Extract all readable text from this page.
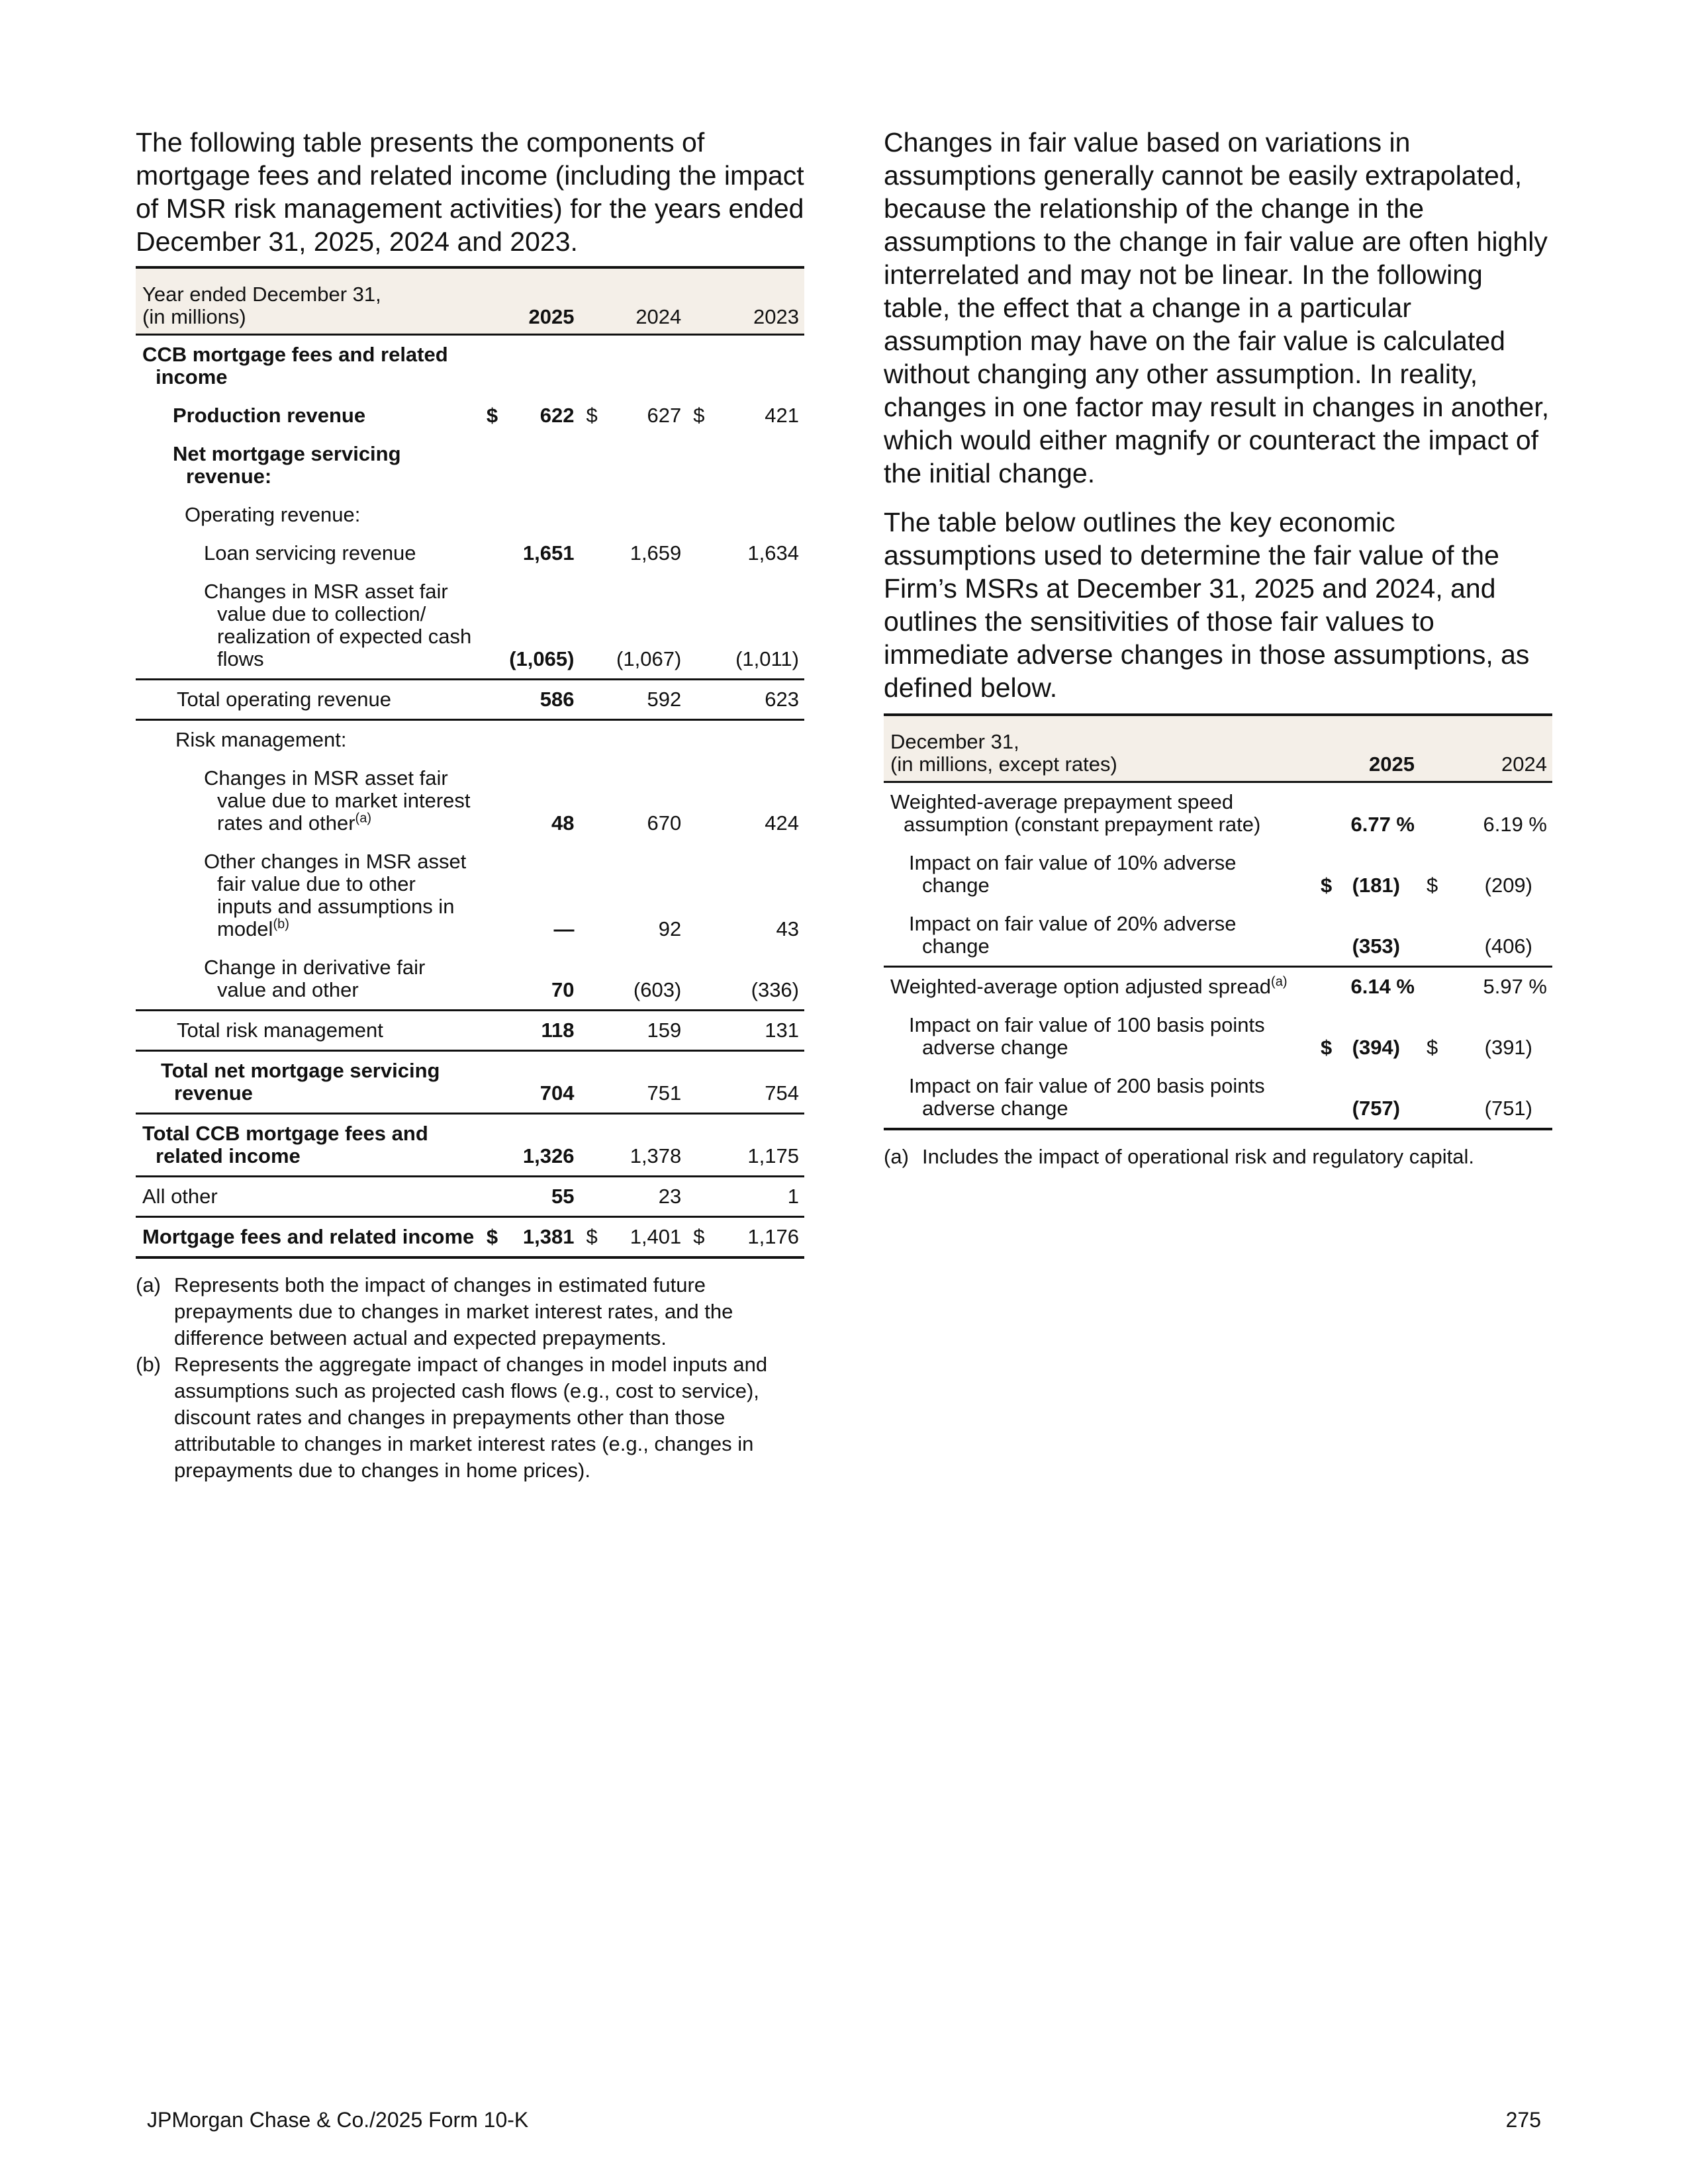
The following table presents the components of mortgage fees and related income (including the impact of MSR risk management activities) for the years ended December 31, 2025, 2024 and 2023.

Year ended December 31,
(in millions)	2025		2024		2023	

CCB mortgage fees and related income						

Production revenue	$	622	$	627	$	421

Net mortgage servicing revenue:						

Operating revenue:						
Loan servicing revenue		1,651		1,659		1,634

Changes in MSR asset fair value due to collection/ realization of expected cash flows		(1,065)		(1,067)		(1,011)
Total operating revenue		586		592		623
Risk management:						

Changes in MSR asset fair value due to market interest rates and other$^{(a)}$		48		670		424

Other changes in MSR asset fair value due to other inputs and assumptions in model$^{(b)}$		—		92		43

Change in derivative fair value and other		70		(603)		(336)
Total risk management		118		159		131

Total net mortgage servicing revenue		704		751		754

Total CCB mortgage fees and related income		1,326		1,378		1,175
All other		55		23		1
Mortgage fees and related income	$	1,381	$	1,401	$	1,176
(a) Represents both the impact of changes in estimated future prepayments due to changes in market interest rates, and the difference between actual and expected prepayments.
(b) Represents the aggregate impact of changes in model inputs and assumptions such as projected cash flows (e.g., cost to service), discount rates and changes in prepayments other than those attributable to changes in market interest rates (e.g., changes in prepayments due to changes in home prices).

Changes in fair value based on variations in assumptions generally cannot be easily extrapolated, because the relationship of the change in the assumptions to the change in fair value are often highly interrelated and may not be linear. In the following table, the effect that a change in a particular assumption may have on the fair value is calculated without changing any other assumption. In reality, changes in one factor may result in changes in another, which would either magnify or counteract the impact of the initial change.

The table below outlines the key economic assumptions used to determine the fair value of the Firm’s MSRs at December 31, 2025 and 2024, and outlines the sensitivities of those fair values to immediate adverse changes in those assumptions, as defined below.

December 31,
(in millions, except rates)	2025		2024	

Weighted-average prepayment speed assumption (constant prepayment rate)		6.77 %		6.19 %

Impact on fair value of 10% adverse change	$	(181)	$	(209)

Impact on fair value of 20% adverse change		(353)		(406)
Weighted-average option adjusted spread$^{(a)}$		6.14 %		5.97 %

Impact on fair value of 100 basis points adverse change	$	(394)	$	(391)

Impact on fair value of 200 basis points adverse change		(757)		(751)
(a) Includes the impact of operational risk and regulatory capital.
JPMorgan Chase & Co./2025 Form 10-K	275
